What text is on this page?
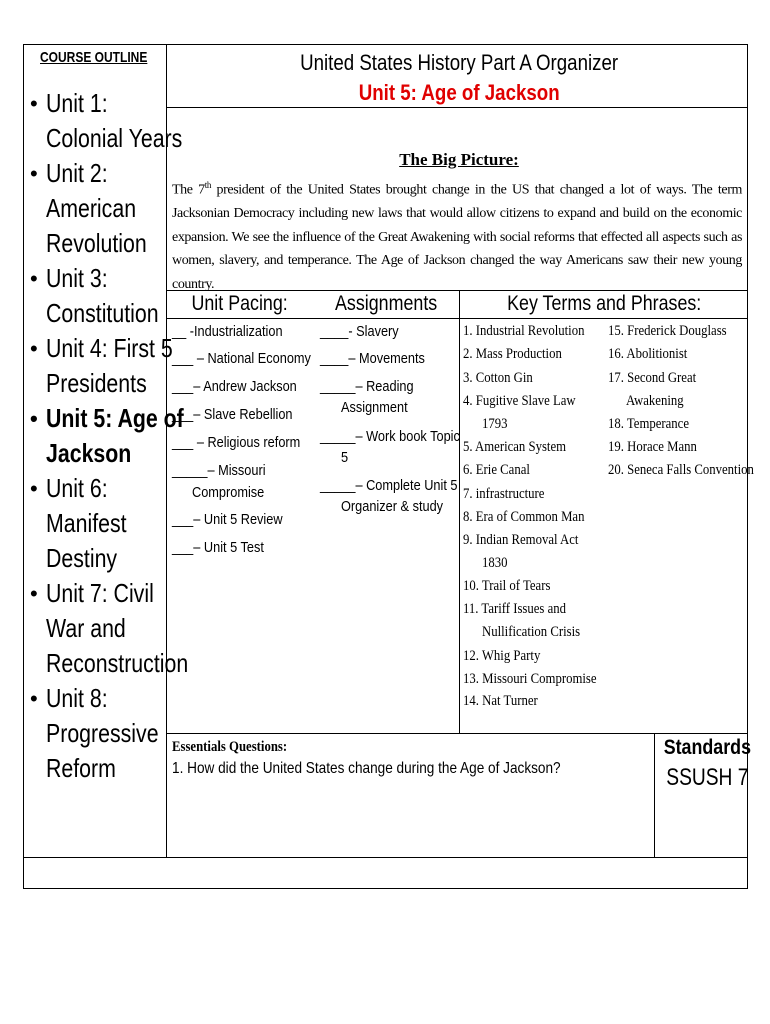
COURSE OUTLINE
• Unit 1: Colonial Years
• Unit 2: American Revolution
• Unit 3: Constitution
• Unit 4: First 5 Presidents
• Unit 5: Age of Jackson
• Unit 6: Manifest Destiny
• Unit 7: Civil War and Reconstruction
• Unit 8: Progressive Reform
United States History Part A Organizer
Unit 5: Age of Jackson
The Big Picture:
The 7th president of the United States brought change in the US that changed a lot of ways. The term Jacksonian Democracy including new laws that would allow citizens to expand and build on the economic expansion. We see the influence of the Great Awakening with social reforms that effected all aspects such as women, slavery, and temperance. The Age of Jackson changed the way Americans saw their new young country.
Unit Pacing:	Assignments	Key Terms and Phrases:
__ -Industrialization
___ – National Economy
___– Andrew Jackson
___– Slave Rebellion
___ – Religious reform
_____– Missouri
Compromise
___– Unit 5 Review
___– Unit 5 Test
____- Slavery
____– Movements
_____– Reading
Assignment
_____– Work book Topic
5
_____– Complete Unit 5
Organizer & study
1. Industrial Revolution
2. Mass Production
3. Cotton Gin
4. Fugitive Slave Law
1793
5. American System
6. Erie Canal
7. infrastructure
8. Era of Common Man
9. Indian Removal Act
1830
10. Trail of Tears
11. Tariff Issues and
Nullification Crisis
12. Whig Party
13. Missouri Compromise
14. Nat Turner
15. Frederick Douglass
16. Abolitionist
17. Second Great
Awakening
18. Temperance
19. Horace Mann
20. Seneca Falls Convention
Essentials Questions:
1. How did the United States change during the Age of Jackson?
Standards
SSUSH 7
